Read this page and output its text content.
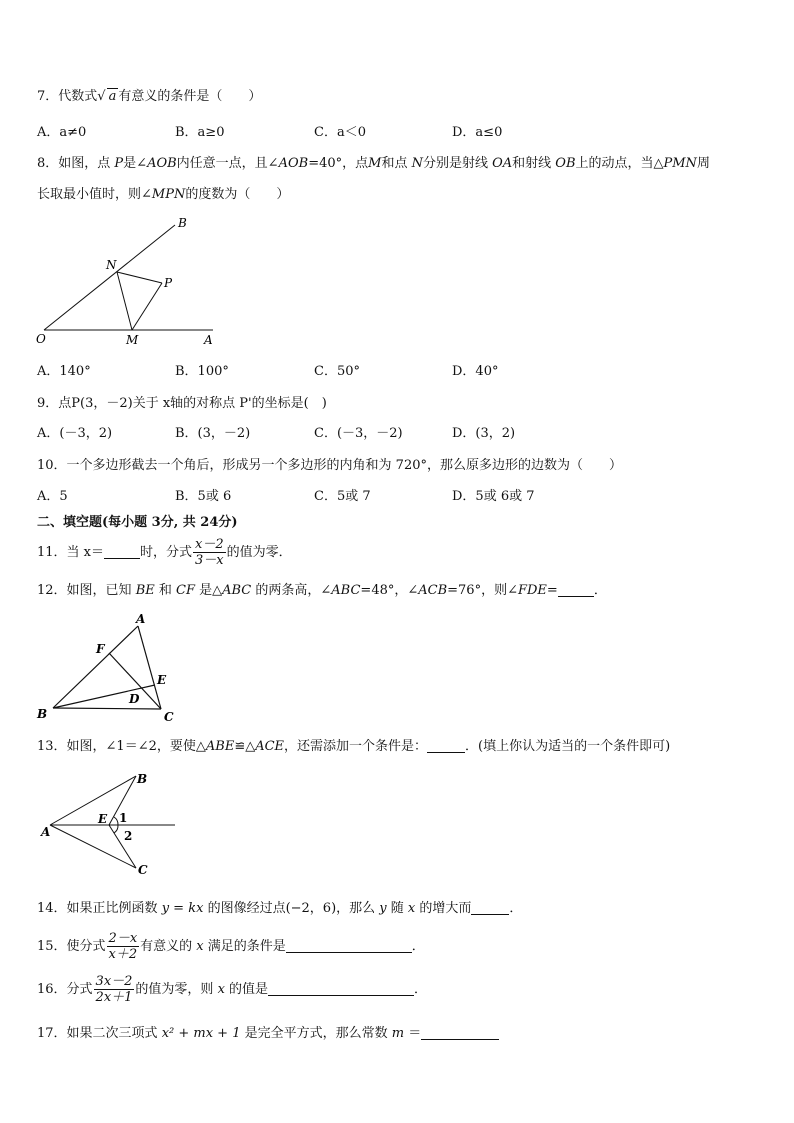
7．代数式√ a 有意义的条件是（　　）
A．a≠0	B．a≥0	C．a＜0	D．a≤0
8．如图，点 P是∠AOB内任意一点，且∠AOB=40°，点M和点 N分别是射线 OA和射线 OB上的动点，当△PMN周
长取最小值时，则∠MPN的度数为（　　）
B
N
P
O	M	A
A．140°	B．100°	C．50°	D．40°
9．点P(3，－2)关于 x轴的对称点 P'的坐标是(　)
A．(－3，2)	B．(3，－2)	C．(－3，－2)	D．(3，2)
10．一个多边形截去一个角后，形成另一个多边形的内角和为 720°，那么原多边形的边数为（　　）
A．5	B．5或 6	C．5或 7	D．5或 6或 7
二、填空题(每小题 3分, 共 24分)
11．当 x＝	时，分式 $\frac{x-2}{3-x}$ 的值为零．
12．如图，已知 BE 和 CF 是△ABC 的两条高，∠ABC=48°，∠ACB=76°，则∠FDE=	．
A
F
E
D
B	C
13．如图，∠1＝∠2，要使△ABE≌△ACE，还需添加一个条件是：	．(填上你认为适当的一个条件即可)
B
E 1
2
A
C
14．如果正比例函数 y = kx 的图像经过点(−2，6)，那么 y 随 x 的增大而	．
15．使分式 $\frac{2-x}{x+2}$ 有意义的 x 满足的条件是	．
16．分式 $\frac{3x-2}{2x+1}$ 的值为零，则 x 的值是	．
17．如果二次三项式 x² + mx + 1 是完全平方式，那么常数 m ＝
